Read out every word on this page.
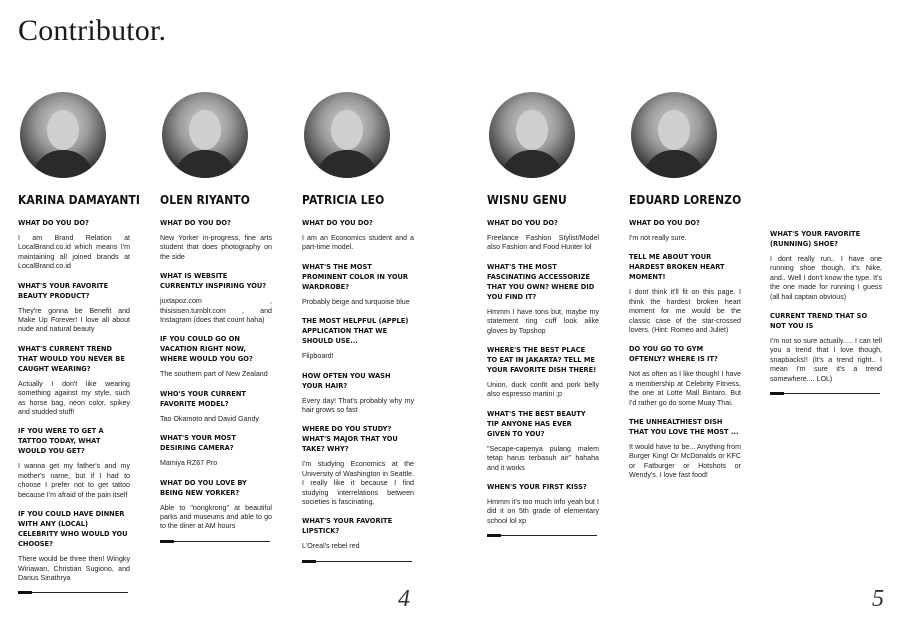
Contributor.
KARINA DAMAYANTI
WHAT DO YOU DO?
I am Brand Relation at LocalBrand.co.id which means I'm maintaining all joined brands at LocalBrand.co.id
WHAT'S YOUR FAVORITE BEAUTY PRODUCT?
They're gonna be Benefit and Make Up Forever! I love all about nude and natural beauty
WHAT'S CURRENT TREND THAT WOULD YOU NEVER BE CAUGHT WEARING?
Actually I don't like wearing something against my style, such as horse bag, neon color, spikey and studded stuff!
IF YOU WERE TO GET A TATTOO TODAY, WHAT WOULD YOU GET?
I wanna get my father's and my mother's name, but if I had to choose I prefer not to get tattoo because I'm afraid of the pain itself
IF YOU COULD HAVE DINNER WITH ANY (LOCAL) CELEBRITY WHO WOULD YOU CHOOSE?
There would be three then! Wingky Wiriawan, Christian Sugiono, and Darius Sinathrya
OLEN RIYANTO
WHAT DO YOU DO?
New Yorker in-progress, fine arts student that does photography on the side
WHAT IS WEBSITE CURRENTLY INSPIRING YOU?
juxtapoz.com , thisisisen.tumblr.com , and Instagram (does that count haha)
IF YOU COULD GO ON VACATION RIGHT NOW, WHERE WOULD YOU GO?
The southern part of New Zealand
WHO'S YOUR CURRENT FAVORITE MODEL?
Tao Okamoto and David Gandy
WHAT'S YOUR MOST DESIRING CAMERA?
Mamiya RZ67 Pro
WHAT DO YOU LOVE BY BEING NEW YORKER?
Able to "nongkrong" at beautiful parks and museums and able to go to the diner at AM hours
PATRICIA LEO
WHAT DO YOU DO?
I am an Economics student and a part-time model.
WHAT'S THE MOST PROMINENT COLOR IN YOUR WARDROBE?
Probably beige and turquoise blue
THE MOST HELPFUL (APPLE) APPLICATION THAT WE SHOULD USE...
Flipboard!
HOW OFTEN YOU WASH YOUR HAIR?
Every day! That's probably why my hair grows so fast
WHERE DO YOU STUDY? WHAT'S MAJOR THAT YOU TAKE? WHY?
I'm studying Economics at the University of Washington in Seattle. I really like it because I find studying interrelations between societies is fascinating.
WHAT'S YOUR FAVORITE LIPSTICK?
L'Oreal's rebel red
WISNU GENU
WHAT DO YOU DO?
Freelance Fashion Stylist/Model also Fashion and Food Hunter lol
WHAT'S THE MOST FASCINATING ACCESSORIZE THAT YOU OWN? WHERE DID YOU FIND IT?
Hmmm I have tons but, maybe my statement ring cuff look alike gloves by Topshop
WHERE'S THE BEST PLACE TO EAT IN JAKARTA? TELL ME YOUR FAVORITE DISH THERE!
Union, duck confit and pork belly also espresso martini ;p
WHAT'S THE BEST BEAUTY TIP ANYONE HAS EVER GIVEN TO YOU?
"Secape-capenya pulang malem tetap harus terbasuh air" hahaha and it works
WHEN'S YOUR FIRST KISS?
Hmmm it's too much info yeah but I did it on 5th grade of elementary school lol xp
EDUARD LORENZO
WHAT DO YOU DO?
I'm not really sure.
TELL ME ABOUT YOUR HARDEST BROKEN HEART MOMENT!
I dont think it'll fit on this page. I think the hardest broken heart moment for me would be the classic case of the star-crossed lovers. (Hint: Romeo and Juliet)
DO YOU GO TO GYM OFTENLY? WHERE IS IT?
Not as often as I like though! I have a membership at Celebrity Fitness, the one at Lotte Mall Bintaro. But I'd rather go do some Muay Thai.
THE UNHEALTHIEST DISH THAT YOU LOVE THE MOST ...
It would have to be... Anything from Burger King! Or McDonalds or KFC or Fatburger or Hotshots or Wendy's. I love fast food!
WHAT'S YOUR FAVORITE (RUNNING) SHOE?
I dont really run.. I have one running shoe though, it's Nike, and.. Well I don't know the type. It's the one made for running I guess (all hail captain obvious)
CURRENT TREND THAT SO NOT YOU IS
I'm not so sure actually..... I can tell you a trend that I love though, snapbacks!! (It's a trend right.. I mean I'm sure it's a trend somewhere.... LOL)
4	5
